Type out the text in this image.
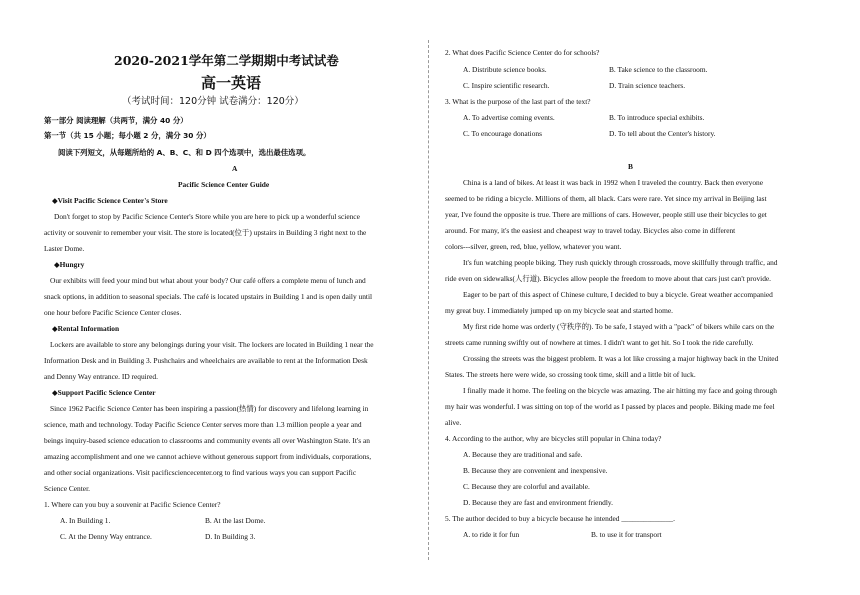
2020-2021学年第二学期期中考试试卷
高一英语
（考试时间：120分钟 试卷满分：120分）
第一部分 阅读理解（共两节，满分 40 分）
第一节（共 15 小题；每小题 2 分，满分 30 分）
阅读下列短文，从每题所给的 A、B、C、和 D 四个选项中，选出最佳选项。
A
Pacific Science Center Guide
◆Visit Pacific Science Center's Store
Don't forget to stop by Pacific Science Center's Store while you are here to pick up a wonderful science
activity or souvenir to remember your visit. The store is located(位于) upstairs in Building 3 right next to the
Laster Dome.
◆Hungry
Our exhibits will feed your mind but what about your body? Our café offers a complete menu of lunch and
snack options, in addition to seasonal specials. The café is located upstairs in Building 1 and is open daily until
one hour before Pacific Science Center closes.
◆Rental Information
Lockers are available to store any belongings during your visit. The lockers are located in Building 1 near the
Information Desk and in Building 3. Pushchairs and wheelchairs are available to rent at the Information Desk
and Denny Way entrance. ID required.
◆Support Pacific Science Center
Since 1962 Pacific Science Center has been inspiring a passion(热情) for discovery and lifelong learning in
science, math and technology. Today Pacific Science Center serves more than 1.3 million people a year and
beings inquiry-based science education to classrooms and community events all over Washington State. It's an
amazing accomplishment and one we cannot achieve without generous support from individuals, corporations,
and other social organizations. Visit pacificsciencecenter.org to find various ways you can support Pacific
Science Center.
1. Where can you buy a souvenir at Pacific Science Center?
A. In Building 1.	B. At the last Dome.
C. At the Denny Way entrance.	D. In Building 3.
2. What does Pacific Science Center do for schools?
A. Distribute science books.	B. Take science to the classroom.
C. Inspire scientific research.	D. Train science teachers.
3. What is the purpose of the last part of the text?
A. To advertise coming events.	B. To introduce special exhibits.
C. To encourage donations	D. To tell about the Center's history.
B
China is a land of bikes. At least it was back in 1992 when I traveled the country. Back then everyone
seemed to be riding a bicycle. Millions of them, all black. Cars were rare. Yet since my arrival in Beijing last
year, I've found the opposite is true. There are millions of cars. However, people still use their bicycles to get
around. For many, it's the easiest and cheapest way to travel today. Bicycles also come in different
colors---silver, green, red, blue, yellow, whatever you want.
It's fun watching people biking. They rush quickly through crossroads, move skillfully through traffic, and
ride even on sidewalks(人行道). Bicycles allow people the freedom to move about that cars just can't provide.
Eager to be part of this aspect of Chinese culture, I decided to buy a bicycle. Great weather accompanied
my great buy. I immediately jumped up on my bicycle seat and started home.
My first ride home was orderly (守秩序的). To be safe, I stayed with a "pack" of bikers while cars on the
streets came running swiftly out of nowhere at times. I didn't want to get hit. So I took the ride carefully.
Crossing the streets was the biggest problem. It was a lot like crossing a major highway back in the United
States. The streets here were wide, so crossing took time, skill and a little bit of luck.
I finally made it home. The feeling on the bicycle was amazing. The air hitting my face and going through
my hair was wonderful. I was sitting on top of the world as I passed by places and people. Biking made me feel
alive.
4. According to the author, why are bicycles still popular in China today?
A. Because they are traditional and safe.
B. Because they are convenient and inexpensive.
C. Because they are colorful and available.
D. Because they are fast and environment friendly.
5. The author decided to buy a bicycle because he intended ______________.
A. to ride it for fun	B. to use it for transport
